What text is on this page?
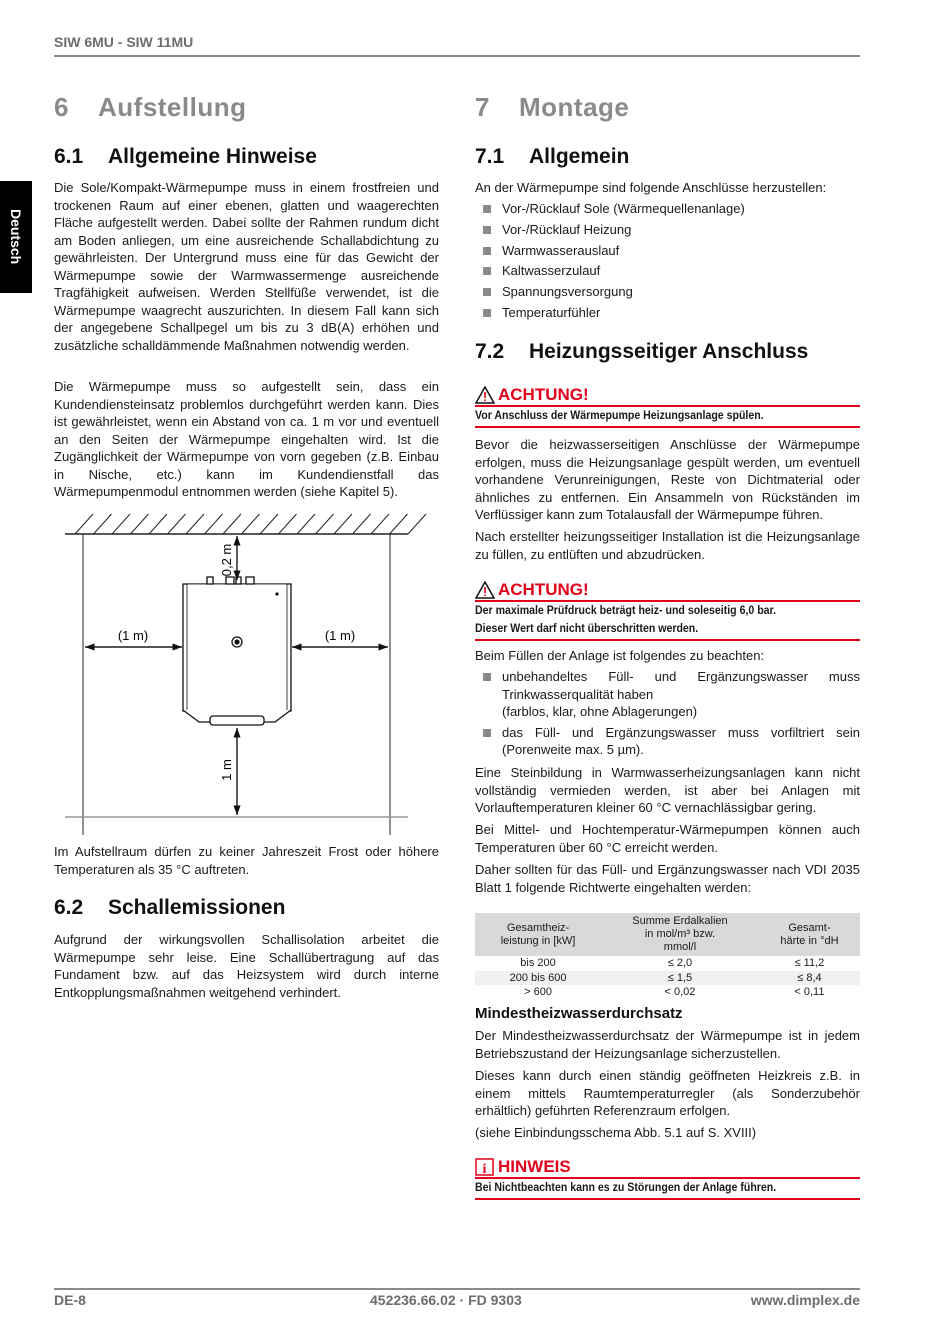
SIW 6MU - SIW 11MU
Deutsch
6 Aufstellung
6.1 Allgemeine Hinweise

Die Sole/Kompakt-Wärmepumpe muss in einem frostfreien und trockenen Raum auf einer ebenen, glatten und waagerechten Fläche aufgestellt werden. Dabei sollte der Rahmen rundum dicht am Boden anliegen, um eine ausreichende Schallabdichtung zu gewährleisten. Der Untergrund muss eine für das Gewicht der Wärmepumpe sowie der Warmwassermenge ausreichende Tragfähigkeit aufweisen. Werden Stellfüße verwendet, ist die Wärmepumpe waagrecht auszurichten. In diesem Fall kann sich der angegebene Schallpegel um bis zu 3 dB(A) erhöhen und zusätzliche schalldämmende Maßnahmen notwendig werden.

Die Wärmepumpe muss so aufgestellt sein, dass ein Kundendiensteinsatz problemlos durchgeführt werden kann. Dies ist gewährleistet, wenn ein Abstand von ca. 1 m vor und eventuell an den Seiten der Wärmepumpe eingehalten wird. Ist die Zugänglichkeit der Wärmepumpe von vorn gegeben (z.B. Einbau in Nische, etc.) kann im Kundendienstfall das Wärmepumpenmodul entnommen werden (siehe Kapitel 5).

(1 m)	(1 m)
0,2 m
1 m

Im Aufstellraum dürfen zu keiner Jahreszeit Frost oder höhere Temperaturen als 35 °C auftreten.

6.2 Schallemissionen

Aufgrund der wirkungsvollen Schallisolation arbeitet die Wärmepumpe sehr leise. Eine Schallübertragung auf das Fundament bzw. auf das Heizsystem wird durch interne Entkopplungsmaßnahmen weitgehend verhindert.

7 Montage
7.1 Allgemein

An der Wärmepumpe sind folgende Anschlüsse herzustellen:

Vor-/Rücklauf Sole (Wärmequellenanlage)
Vor-/Rücklauf Heizung
Warmwasserauslauf
Kaltwasserzulauf
Spannungsversorgung
Temperaturfühler
7.2 Heizungsseitiger Anschluss
ACHTUNG!
Vor Anschluss der Wärmepumpe Heizungsanlage spülen.

Bevor die heizwasserseitigen Anschlüsse der Wärmepumpe erfolgen, muss die Heizungsanlage gespült werden, um eventuell vorhandene Verunreinigungen, Reste von Dichtmaterial oder ähnliches zu entfernen. Ein Ansammeln von Rückständen im Verflüssiger kann zum Totalausfall der Wärmepumpe führen.

Nach erstellter heizungsseitiger Installation ist die Heizungsanlage zu füllen, zu entlüften und abzudrücken.

ACHTUNG!
Der maximale Prüfdruck beträgt heiz- und soleseitig 6,0 bar.
Dieser Wert darf nicht überschritten werden.

Beim Füllen der Anlage ist folgendes zu beachten:

unbehandeltes Füll- und Ergänzungswasser muss Trinkwasserqualität haben
(farblos, klar, ohne Ablagerungen)
das Füll- und Ergänzungswasser muss vorfiltriert sein (Porenweite max. 5 µm).

Eine Steinbildung in Warmwasserheizungsanlagen kann nicht vollständig vermieden werden, ist aber bei Anlagen mit Vorlauftemperaturen kleiner 60 °C vernachlässigbar gering.

Bei Mittel- und Hochtemperatur-Wärmepumpen können auch Temperaturen über 60 °C erreicht werden.

Daher sollten für das Füll- und Ergänzungswasser nach VDI 2035 Blatt 1 folgende Richtwerte eingehalten werden:

Gesamtheiz-
leistung in [kW]	Summe Erdalkalien
in mol/m³ bzw.
mmol/l	Gesamt-
härte in °dH
bis 200	≤ 2,0	≤ 11,2
200 bis 600	≤ 1,5	≤ 8,4
> 600	< 0,02	< 0,11
Mindestheizwasserdurchsatz

Der Mindestheizwasserdurchsatz der Wärmepumpe ist in jedem Betriebszustand der Heizungsanlage sicherzustellen.

Dieses kann durch einen ständig geöffneten Heizkreis z.B. in einem mittels Raumtemperaturregler (als Sonderzubehör erhältlich) geführten Referenzraum erfolgen.

(siehe Einbindungsschema Abb. 5.1 auf S. XVIII)

i HINWEIS
Bei Nichtbeachten kann es zu Störungen der Anlage führen.
DE-8	452236.66.02 · FD 9303	www.dimplex.de
